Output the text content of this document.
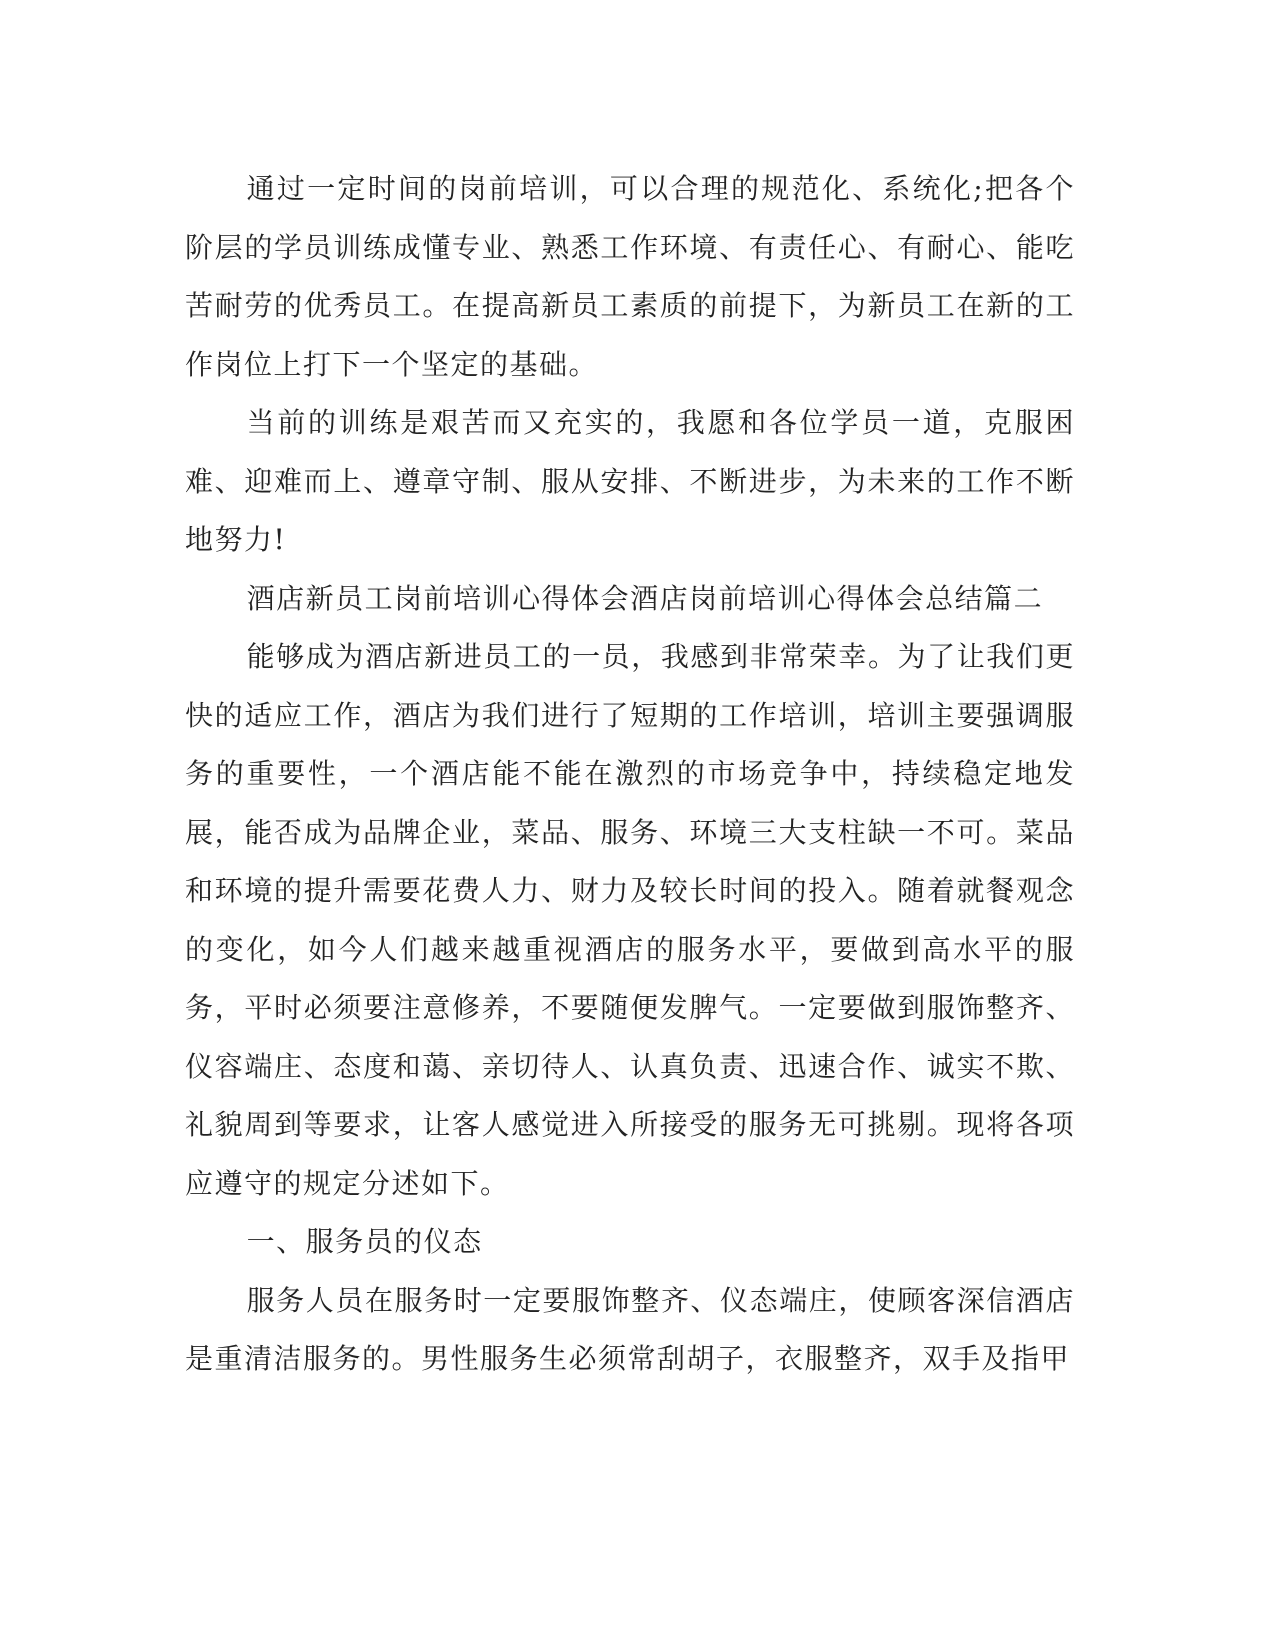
通过一定时间的岗前培训，可以合理的规范化、系统化;把各个阶层的学员训练成懂专业、熟悉工作环境、有责任心、有耐心、能吃苦耐劳的优秀员工。在提高新员工素质的前提下，为新员工在新的工作岗位上打下一个坚定的基础。

当前的训练是艰苦而又充实的，我愿和各位学员一道，克服困难、迎难而上、遵章守制、服从安排、不断进步，为未来的工作不断地努力!

酒店新员工岗前培训心得体会酒店岗前培训心得体会总结篇二

能够成为酒店新进员工的一员，我感到非常荣幸。为了让我们更快的适应工作，酒店为我们进行了短期的工作培训，培训主要强调服务的重要性，一个酒店能不能在激烈的市场竞争中，持续稳定地发展，能否成为品牌企业，菜品、服务、环境三大支柱缺一不可。菜品和环境的提升需要花费人力、财力及较长时间的投入。随着就餐观念的变化，如今人们越来越重视酒店的服务水平，要做到高水平的服务，平时必须要注意修养，不要随便发脾气。一定要做到服饰整齐、仪容端庄、态度和蔼、亲切待人、认真负责、迅速合作、诚实不欺、礼貌周到等要求，让客人感觉进入所接受的服务无可挑剔。现将各项应遵守的规定分述如下。

一、服务员的仪态

服务人员在服务时一定要服饰整齐、仪态端庄，使顾客深信酒店是重清洁服务的。男性服务生必须常刮胡子，衣服整齐，双手及指甲
